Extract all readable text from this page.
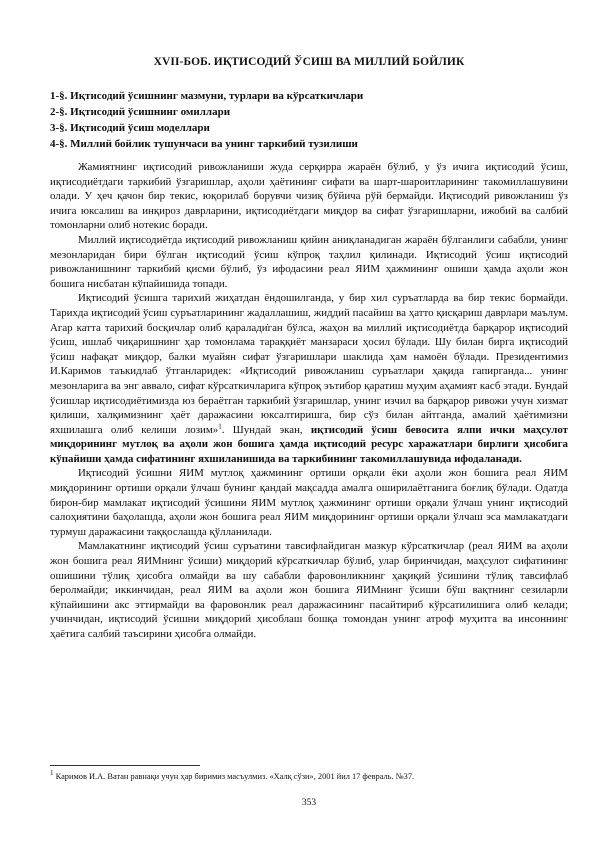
XVII-БОБ. ИҚТИСОДИЙ ЎСИШ ВА МИЛЛИЙ БОЙЛИК
1-§. Иқтисодий ўсишнинг мазмуни, турлари ва кўрсаткичлари
2-§. Иқтисодий ўсишнинг омиллари
3-§. Иқтисодий ўсиш моделлари
4-§. Миллий бойлик тушунчаси ва унинг таркибий тузилиши

Жамиятнинг иқтисодий ривожланиши жуда серқирра жараён бўлиб, у ўз ичига иқтисодий ўсиш, иқтисодиётдаги таркибий ўзгаришлар, аҳоли ҳаётининг сифати ва шарт-шароитларининг такомиллашувини олади. У ҳеч қачон бир текис, юқорилаб борувчи чизиқ бўйича рўй бермайди. Иқтисодий ривожланиш ўз ичига юксалиш ва инқироз даврларини, иқтисодиётдаги миқдор ва сифат ўзгаришларни, ижобий ва салбий томонларни олиб нотекис боради.

Миллий иқтисодиётда иқтисодий ривожланиш қийин аниқланадиган жараён бўлганлиги сабабли, унинг мезонларидан бири бўлган иқтисодий ўсиш кўпроқ таҳлил қилинади. Иқтисодий ўсиш иқтисодий ривожланишнинг таркибий қисми бўлиб, ўз ифодасини реал ЯИМ ҳажмининг ошиши ҳамда аҳоли жон бошига нисбатан кўпайишида топади.

Иқтисодий ўсишга тарихий жиҳатдан ёндошилганда, у бир хил суръатларда ва бир текис бормайди. Тарихда иқтисодий ўсиш суръатларининг жадаллашиш, жиддий пасайиш ва ҳатто қисқариш даврлари маълум. Агар катта тарихий босқичлар олиб қаралади̇ган бўлса, жаҳон ва миллий иқтисодиётда барқарор иқтисодий ўсиш, ишлаб чиқаришнинг ҳар томонлама тараққиёт манзараси ҳосил бўлади. Шу билан бирга иқтисодий ўсиш нафақат миқдор, балки муайян сифат ўзгаришлари шаклида ҳам намоён бўлади. Президентимиз И.Каримов таъкидлаб ўтганларидек: «Иқтисодий ривожланиш суръатлари ҳақида гапирганда... унинг мезонларига ва энг аввало, сифат кўрсаткичларига кўпроқ эътибор қаратиш муҳим аҳамият касб этади. Бундай ўсишлар иқтисодиётимизда юз бераётган таркибий ўзгаришлар, унинг изчил ва барқарор ривожи учун хизмат қилиши, халқимизнинг ҳаёт даражасини юксалтиришга, бир сўз билан айтганда, амалий ҳаётимизни яхшилашга олиб келиши лозим»$^1$. Шундай экан, иқтисодий ўсиш бевосита ялпи ички маҳсулот миқдорининг мутлоқ ва аҳоли жон бошига ҳамда иқтисодий ресурс харажатлари бирлиги ҳисобига кўпайиши ҳамда сифатининг яхшиланишида ва таркибининг такомиллашувида ифодаланади.

Иқтисодий ўсишни ЯИМ мутлоқ ҳажмининг ортиши орқали ёки аҳоли жон бошига реал ЯИМ миқдорининг ортиши орқали ўлчаш бунинг қандай мақсадда амалга оширилаётганига боғлиқ бўлади. Одатда бирон-бир мамлакат иқтисодий ўсишини ЯИМ мутлоқ ҳажмининг ортиши орқали ўлчаш унинг иқтисодий салоҳиятини баҳолашда, аҳоли жон бошига реал ЯИМ миқдорининг ортиши орқали ўлчаш эса мамлакатдаги турмуш даражасини таққослашда қўлланилади.

Мамлакатнинг иқтисодий ўсиш суръатини тавсифлайдиган мазкур кўрсаткичлар (реал ЯИМ ва аҳоли жон бошига реал ЯИМнинг ўсиши) миқдорий кўрсаткичлар бўлиб, улар биринчидан, маҳсулот сифатининг ошишини тўлиқ ҳисобга олмайди ва шу сабабли фаровонликнинг ҳақиқий ўсишини тўлиқ тавсифлаб беролмайди; иккинчидан, реал ЯИМ ва аҳоли жон бошига ЯИМнинг ўсиши бўш вақтнинг сезиларли кўпайишини акс эттирмайди ва фаровонлик реал даражасининг пасайтириб кўрсатилишига олиб келади; учинчидан, иқтисодий ўсишни миқдорий ҳисоблаш бошқа томондан унинг атроф муҳитга ва инсоннинг ҳаётига салбий таъсирини ҳисобга олмайди.

$^1$ Каримов И.А. Ватан равнақи учун ҳар биримиз масъулмиз. «Халқ сўзи», 2001 йил 17 февраль. №37.
353
